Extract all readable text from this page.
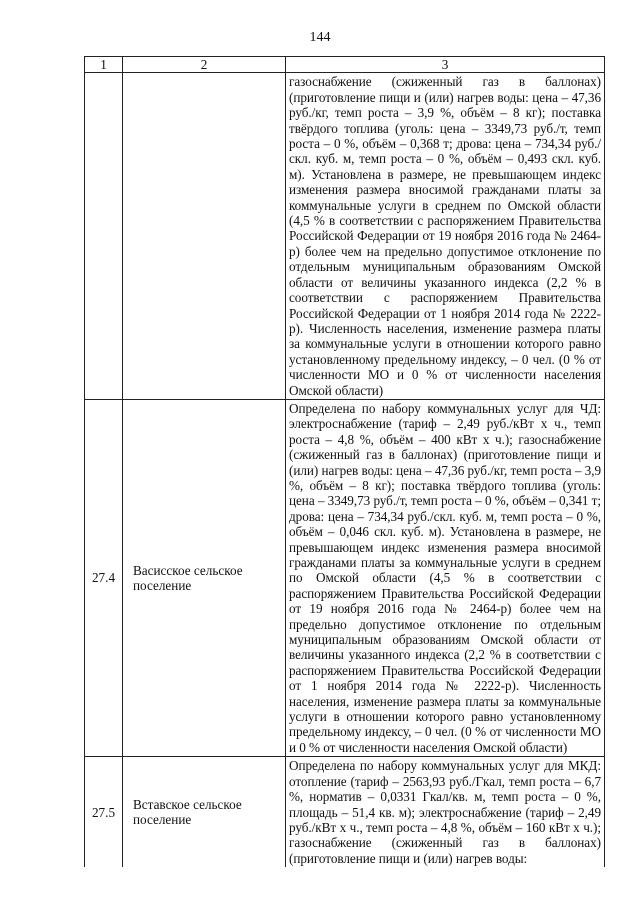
144
1	2	3

		газоснабжение (сжиженный газ в баллонах) (приготовление пищи и (или) нагрев воды: цена – 47,36 руб./кг, темп роста – 3,9 %, объём – 8 кг); поставка твёрдого топлива (уголь: цена – 3349,73 руб./т, темп роста – 0 %, объём – 0,368 т; дрова: цена – 734,34 руб./скл. куб. м, темп роста – 0 %, объём – 0,493 скл. куб. м). Установлена в размере, не превышающем индекс изменения размера вносимой гражданами платы за коммунальные услуги в среднем по Омской области (4,5 % в соответствии с распоряжением Правительства Российской Федерации от 19 ноября 2016 года № 2464-р) более чем на предельно допустимое отклонение по отдельным муниципальным образованиям Омской области от величины указанного индекса (2,2 % в соответствии с распоряжением Правительства Российской Федерации от 1 ноября 2014 года № 2222-р). Численность населения, изменение размера платы за коммунальные услуги в отношении которого равно установленному предельному индексу, – 0 чел. (0 % от численности МО и 0 % от численности населения Омской области)

27.4	Васисское сельское поселение	Определена по набору коммунальных услуг для ЧД: электроснабжение (тариф – 2,49 руб./кВт х ч., темп роста – 4,8 %, объём – 400 кВт х ч.); газоснабжение (сжиженный газ в баллонах) (приготовление пищи и (или) нагрев воды: цена – 47,36 руб./кг, темп роста – 3,9 %, объём – 8 кг); поставка твёрдого топлива (уголь: цена – 3349,73 руб./т, темп роста – 0 %, объём – 0,341 т; дрова: цена – 734,34 руб./скл. куб. м, темп роста – 0 %, объём – 0,046 скл. куб. м). Установлена в размере, не превышающем индекс изменения размера вносимой гражданами платы за коммунальные услуги в среднем по Омской области (4,5 % в соответствии с распоряжением Правительства Российской Федерации от 19 ноября 2016 года № 2464-р) более чем на предельно допустимое отклонение по отдельным муниципальным образованиям Омской области от величины указанного индекса (2,2 % в соответствии с распоряжением Правительства Российской Федерации от 1 ноября 2014 года № 2222-р). Численность населения, изменение размера платы за коммунальные услуги в отношении которого равно установленному предельному индексу, – 0 чел. (0 % от численности МО и 0 % от численности населения Омской области)

27.5	Вставское сельское поселение	Определена по набору коммунальных услуг для МКД: отопление (тариф – 2563,93 руб./Гкал, темп роста – 6,7 %, норматив – 0,0331 Гкал/кв. м, темп роста – 0 %, площадь – 51,4 кв. м); электроснабжение (тариф – 2,49 руб./кВт х ч., темп роста – 4,8 %, объём – 160 кВт х ч.); газоснабжение (сжиженный газ в баллонах) (приготовление пищи и (или) нагрев воды:
